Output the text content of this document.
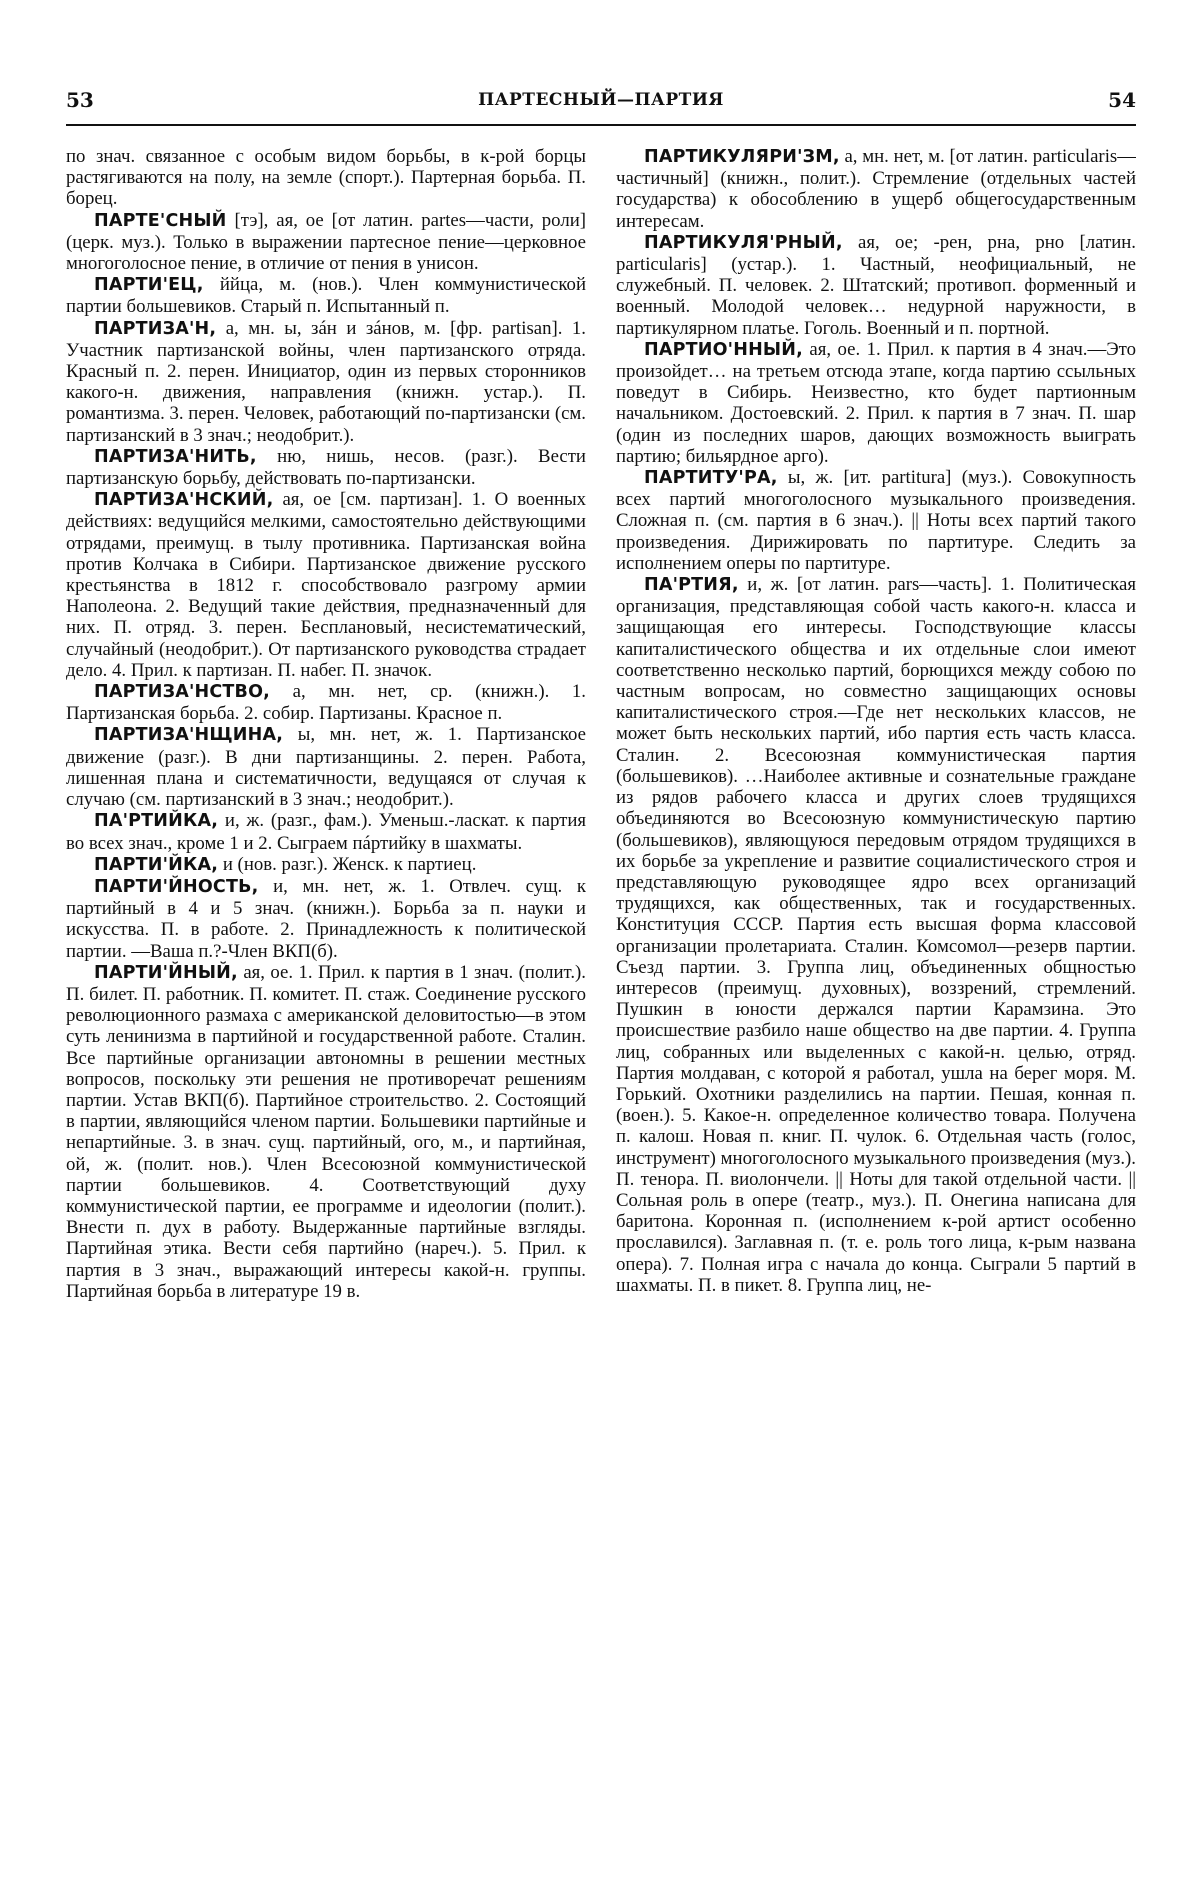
53	ПАРТЕСНЫЙ—ПАРТИЯ	54

по знач. связанное с особым видом борьбы, в к-рой борцы растягиваются на полу, на земле (спорт.). Партерная борьба. П. борец.

ПАРТЕ'СНЫЙ [тэ], ая, ое [от латин. partes—части, роли] (церк. муз.). Только в выражении партесное пение—церковное многоголосное пение, в отличие от пения в унисон.

ПАРТИ'ЕЦ, ййца, м. (нов.). Член коммунистической партии большевиков. Старый п. Испытанный п.

ПАРТИЗА'Н, а, мн. ы, зáн и зáнов, м. [фр. partisan]. 1. Участник партизанской войны, член партизанского отряда. Красный п. 2. перен. Инициатор, один из первых сторонников какого-н. движения, направления (книжн. устар.). П. романтизма. 3. перен. Человек, работающий по-партизански (см. партизанский в 3 знач.; неодобрит.).

ПАРТИЗА'НИТЬ, ню, нишь, несов. (разг.). Вести партизанскую борьбу, действовать по-партизански.

ПАРТИЗА'НСКИЙ, ая, ое [см. партизан]. 1. О военных действиях: ведущийся мелкими, самостоятельно действующими отрядами, преимущ. в тылу противника. Партизанская война против Колчака в Сибири. Партизанское движение русского крестьянства в 1812 г. способствовало разгрому армии Наполеона. 2. Ведущий такие действия, предназначенный для них. П. отряд. 3. перен. Бесплановый, несистематический, случайный (неодобрит.). От партизанского руководства страдает дело. 4. Прил. к партизан. П. набег. П. значок.

ПАРТИЗА'НСТВО, а, мн. нет, ср. (книжн.). 1. Партизанская борьба. 2. собир. Партизаны. Красное п.

ПАРТИЗА'НЩИНА, ы, мн. нет, ж. 1. Партизанское движение (разг.). В дни партизанщины. 2. перен. Работа, лишенная плана и систематичности, ведущаяся от случая к случаю (см. партизанский в 3 знач.; неодобрит.).

ПА'РТИЙКА, и, ж. (разг., фам.). Уменьш.-ласкат. к партия во всех знач., кроме 1 и 2. Сыграем пáртийку в шахматы.

ПАРТИ'ЙКА, и (нов. разг.). Женск. к партиец.

ПАРТИ'ЙНОСТЬ, и, мн. нет, ж. 1. Отвлеч. сущ. к партийный в 4 и 5 знач. (книжн.). Борьба за п. науки и искусства. П. в работе. 2. Принадлежность к политической партии. —Ваша п.?-Член ВКП(б).

ПАРТИ'ЙНЫЙ, ая, ое. 1. Прил. к партия в 1 знач. (полит.). П. билет. П. работник. П. комитет. П. стаж. Соединение русского революционного размаха с американской деловитостью—в этом суть ленинизма в партийной и государственной работе. Сталин. Все партийные организации автономны в решении местных вопросов, поскольку эти решения не противоречат решениям партии. Устав ВКП(б). Партийное строительство. 2. Состоящий в партии, являющийся членом партии. Большевики партийные и непартийные. 3. в знач. сущ. партийный, ого, м., и партийная, ой, ж. (полит. нов.). Член Всесоюзной коммунистической партии большевиков. 4. Соответствующий духу коммунистической партии, ее программе и идеологии (полит.). Внести п. дух в работу. Выдержанные партийные взгляды. Партийная этика. Вести себя партийно (нареч.). 5. Прил. к партия в 3 знач., выражающий интересы какой-н. группы. Партийная борьба в литературе 19 в.

ПАРТИКУЛЯРИ'ЗМ, а, мн. нет, м. [от латин. particularis—частичный] (книжн., полит.). Стремление (отдельных частей государства) к обособлению в ущерб общегосударственным интересам.

ПАРТИКУЛЯ'РНЫЙ, ая, ое; -рен, рна, рно [латин. particularis] (устар.). 1. Частный, неофициальный, не служебный. П. человек. 2. Штатский; противоп. форменный и военный. Молодой человек… недурной наружности, в партикулярном платье. Гоголь. Военный и п. портной.

ПАРТИО'ННЫЙ, ая, ое. 1. Прил. к партия в 4 знач.—Это произойдет… на третьем отсюда этапе, когда партию ссыльных поведут в Сибирь. Неизвестно, кто будет партионным начальником. Достоевский. 2. Прил. к партия в 7 знач. П. шар (один из последних шаров, дающих возможность выиграть партию; бильярдное арго).

ПАРТИТУ'РА, ы, ж. [ит. partitura] (муз.). Совокупность всех партий многоголосного музыкального произведения. Сложная п. (см. партия в 6 знач.). || Ноты всех партий такого произведения. Дирижировать по партитуре. Следить за исполнением оперы по партитуре.

ПА'РТИЯ, и, ж. [от латин. pars—часть]. 1. Политическая организация, представляющая собой часть какого-н. класса и защищающая его интересы. Господствующие классы капиталистического общества и их отдельные слои имеют соответственно несколько партий, борющихся между собою по частным вопросам, но совместно защищающих основы капиталистического строя.—Где нет нескольких классов, не может быть нескольких партий, ибо партия есть часть класса. Сталин. 2. Всесоюзная коммунистическая партия (большевиков). …Наиболее активные и сознательные граждане из рядов рабочего класса и других слоев трудящихся объединяются во Всесоюзную коммунистическую партию (большевиков), являющуюся передовым отрядом трудящихся в их борьбе за укрепление и развитие социалистического строя и представляющую руководящее ядро всех организаций трудящихся, как общественных, так и государственных. Конституция СССР. Партия есть высшая форма классовой организации пролетариата. Сталин. Комсомол—резерв партии. Съезд партии. 3. Группа лиц, объединенных общностью интересов (преимущ. духовных), воззрений, стремлений. Пушкин в юности держался партии Карамзина. Это происшествие разбило наше общество на две партии. 4. Группа лиц, собранных или выделенных с какой-н. целью, отряд. Партия молдаван, с которой я работал, ушла на берег моря. М. Горький. Охотники разделились на партии. Пешая, конная п. (воен.). 5. Какое-н. определенное количество товара. Получена п. калош. Новая п. книг. П. чулок. 6. Отдельная часть (голос, инструмент) многоголосного музыкального произведения (муз.). П. тенора. П. виолончели. || Ноты для такой отдельной части. || Сольная роль в опере (театр., муз.). П. Онегина написана для баритона. Коронная п. (исполнением к-рой артист особенно прославился). Заглавная п. (т. е. роль того лица, к-рым названа опера). 7. Полная игра с начала до конца. Сыграли 5 партий в шахматы. П. в пикет. 8. Группа лиц, не-
